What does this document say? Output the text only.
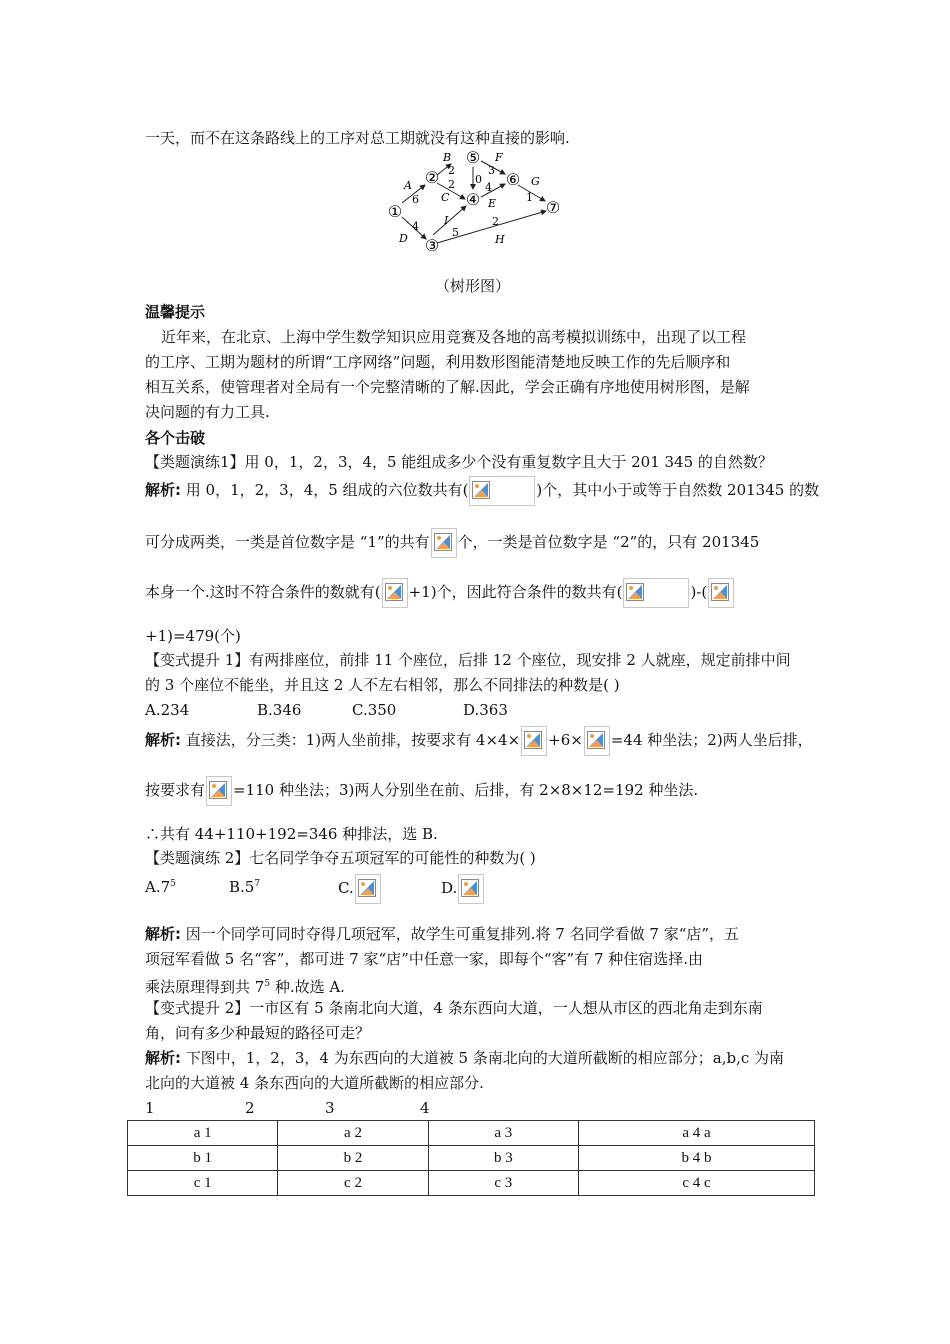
一天，而不在这条路线上的工序对总工期就没有这种直接的影响.
①
②
③
④
⑤
⑥
⑦
A
6
B
2
C
2 0
F
3
4
E
G
1
D
4 I
5
H
2
（树形图）
温馨提示
近年来，在北京、上海中学生数学知识应用竞赛及各地的高考模拟训练中，出现了以工程
的工序、工期为题材的所谓“工序网络”问题，利用数形图能清楚地反映工作的先后顺序和
相互关系，使管理者对全局有一个完整清晰的了解.因此，学会正确有序地使用树形图，是解
决问题的有力工具.
各个击破
【类题演练1】用 0，1，2，3，4，5 能组成多少个没有重复数字且大于 201 345 的自然数？
解析: 用 0，1，2，3，4，5 组成的六位数共有(	)个，其中小于或等于自然数 201345 的数
可分成两类，一类是首位数字是 “1”的共有 个，一类是首位数字是 “2”的，只有 201345
本身一个.这时不符合条件的数就有( +1)个，因此符合条件的数共有(	)-(
+1)=479(个)
【变式提升 1】有两排座位，前排 11 个座位，后排 12 个座位，现安排 2 人就座，规定前排中间
的 3 个座位不能坐，并且这 2 人不左右相邻，那么不同排法的种数是( )
A.234	B.346	C.350	D.363
解析: 直接法，分三类：1)两人坐前排，按要求有 4×4× +6× =44 种坐法；2)两人坐后排，
按要求有 =110 种坐法；3)两人分别坐在前、后排，有 2×8×12=192 种坐法.
∴共有 44+110+192=346 种排法，选 B.
【类题演练 2】七名同学争夺五项冠军的可能性的种数为( )
$A.7^5$	$B.5^7$	C.	D.
解析: 因一个同学可同时夺得几项冠军，故学生可重复排列.将 7 名同学看做 7 家“店”，五
项冠军看做 5 名“客”，都可进 7 家“店”中任意一家，即每个“客”有 7 种住宿选择.由
乘法原理得到共 $7^5$ 种.故选 A.
【变式提升 2】一市区有 5 条南北向大道，4 条东西向大道，一人想从市区的西北角走到东南
角，问有多少种最短的路径可走？
解析: 下图中，1，2，3，4 为东西向的大道被 5 条南北向的大道所截断的相应部分；a,b,c 为南
北向的大道被 4 条东西向的大道所截断的相应部分.
1	2	3	4
a 1	a 2	a 3	a 4 a
b 1	b 2	b 3	b 4 b
c 1	c 2	c 3	c 4 c
